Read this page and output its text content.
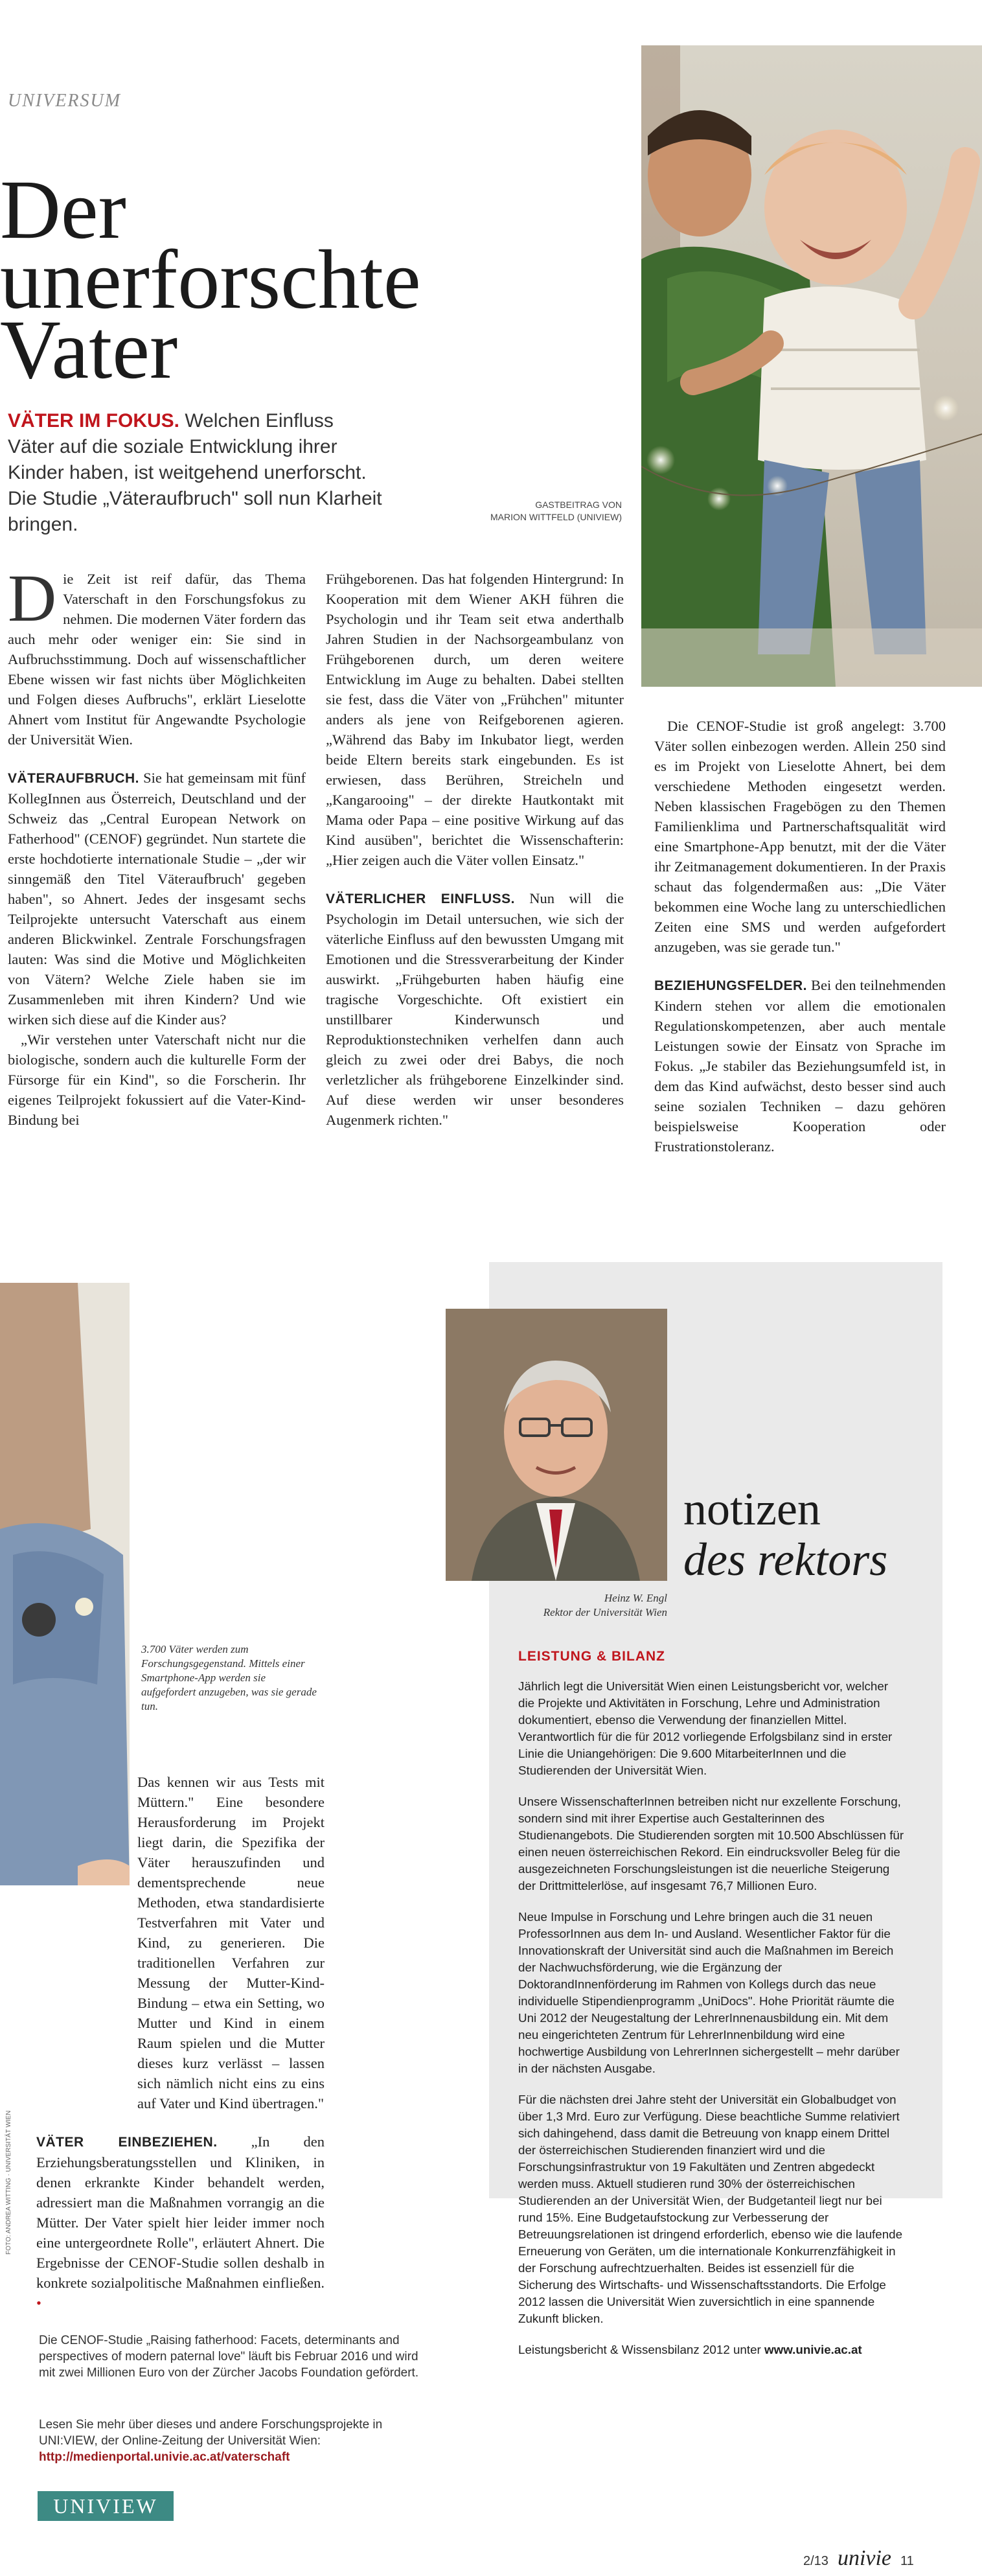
UNIVERSUM
Der
unerforschte
Vater
VÄTER IM FOKUS. Welchen Einfluss Väter auf die soziale Entwicklung ihrer Kinder haben, ist weitgehend unerforscht. Die Studie „Väteraufbruch" soll nun Klarheit bringen.
GASTBEITRAG VON
MARION WITTFELD (UNIVIEW)

Die Zeit ist reif dafür, das Thema Vaterschaft in den Forschungsfokus zu nehmen. Die modernen Väter fordern das auch mehr oder weniger ein: Sie sind in Aufbruchsstimmung. Doch auf wissenschaftlicher Ebene wissen wir fast nichts über Möglichkeiten und Folgen dieses Aufbruchs", erklärt Lieselotte Ahnert vom Institut für Angewandte Psychologie der Universität Wien.

VÄTERAUFBRUCH. Sie hat gemeinsam mit fünf KollegInnen aus Österreich, Deutschland und der Schweiz das „Central European Network on Fatherhood" (CENOF) gegründet. Nun startete die erste hochdotierte internationale Studie – „der wir sinngemäß den Titel Väteraufbruch' gegeben haben", so Ahnert. Jedes der insgesamt sechs Teilprojekte untersucht Vaterschaft aus einem anderen Blickwinkel. Zentrale Forschungsfragen lauten: Was sind die Motive und Möglichkeiten von Vätern? Welche Ziele haben sie im Zusammenleben mit ihren Kindern? Und wie wirken sich diese auf die Kinder aus?

„Wir verstehen unter Vaterschaft nicht nur die biologische, sondern auch die kulturelle Form der Fürsorge für ein Kind", so die Forscherin. Ihr eigenes Teilprojekt fokussiert auf die Vater-Kind-Bindung bei

Frühgeborenen. Das hat folgenden Hintergrund: In Kooperation mit dem Wiener AKH führen die Psychologin und ihr Team seit etwa anderthalb Jahren Studien in der Nachsorgeambulanz von Frühgeborenen durch, um deren weitere Entwicklung im Auge zu behalten. Dabei stellten sie fest, dass die Väter von „Frühchen" mitunter anders als jene von Reifgeborenen agieren. „Während das Baby im Inkubator liegt, werden beide Eltern bereits stark eingebunden. Es ist erwiesen, dass Berühren, Streicheln und „Kangarooing" – der direkte Hautkontakt mit Mama oder Papa – eine positive Wirkung auf das Kind ausüben", berichtet die Wissenschafterin: „Hier zeigen auch die Väter vollen Einsatz."

VÄTERLICHER EINFLUSS. Nun will die Psychologin im Detail untersuchen, wie sich der väterliche Einfluss auf den bewussten Umgang mit Emotionen und die Stressverarbeitung der Kinder auswirkt. „Frühgeburten haben häufig eine tragische Vorgeschichte. Oft existiert ein unstillbarer Kinderwunsch und Reproduktionstechniken verhelfen dann auch gleich zu zwei oder drei Babys, die noch verletzlicher als frühgeborene Einzelkinder sind. Auf diese werden wir unser besonderes Augenmerk richten."

Die CENOF-Studie ist groß angelegt: 3.700 Väter sollen einbezogen werden. Allein 250 sind es im Projekt von Lieselotte Ahnert, bei dem verschiedene Methoden eingesetzt werden. Neben klassischen Fragebögen zu den Themen Familienklima und Partnerschaftsqualität wird eine Smartphone-App benutzt, mit der die Väter ihr Zeitmanagement dokumentieren. In der Praxis schaut das folgendermaßen aus: „Die Väter bekommen eine Woche lang zu unterschiedlichen Zeiten eine SMS und werden aufgefordert anzugeben, was sie gerade tun."

BEZIEHUNGSFELDER. Bei den teilnehmenden Kindern stehen vor allem die emotionalen Regulationskompetenzen, aber auch mentale Leistungen sowie der Einsatz von Sprache im Fokus. „Je stabiler das Beziehungsumfeld ist, in dem das Kind aufwächst, desto besser sind auch seine sozialen Techniken – dazu gehören beispielsweise Kooperation oder Frustrationstoleranz.

3.700 Väter werden zum Forschungsgegenstand. Mittels einer Smartphone-App werden sie aufgefordert anzugeben, was sie gerade tun.

Das kennen wir aus Tests mit Müttern." Eine besondere Herausforderung im Projekt liegt darin, die Spezifika der Väter herauszufinden und dementsprechende neue Methoden, etwa standardisierte Testverfahren mit Vater und Kind, zu generieren. Die traditionellen Verfahren zur Messung der Mutter-Kind-Bindung – etwa ein Setting, wo Mutter und Kind in einem Raum spielen und die Mutter dieses kurz verlässt – lassen sich nämlich nicht eins zu eins auf Vater und Kind übertragen."

VÄTER EINBEZIEHEN. „In den Erziehungsberatungsstellen und Kliniken, in denen erkrankte Kinder behandelt werden, adressiert man die Maßnahmen vorrangig an die Mütter. Der Vater spielt hier leider immer noch eine untergeordnete Rolle", erläutert Ahnert. Die Ergebnisse der CENOF-Studie sollen deshalb in konkrete sozialpolitische Maßnahmen einfließen. •

FOTO: ANDREA WITTING · UNIVERSITÄT WIEN
Die CENOF-Studie „Raising fatherhood: Facets, determinants and perspectives of modern paternal love" läuft bis Februar 2016 und wird mit zwei Millionen Euro von der Zürcher Jacobs Foundation gefördert.
Lesen Sie mehr über dieses und andere Forschungsprojekte in UNI:VIEW, der Online-Zeitung der Universität Wien:
http://medienportal.univie.ac.at/vaterschaft
UNIVIEW
notizen
des rektors
Heinz W. Engl
Rektor der Universität Wien
LEISTUNG & BILANZ

Jährlich legt die Universität Wien einen Leistungsbericht vor, welcher die Projekte und Aktivitäten in Forschung, Lehre und Administration dokumentiert, ebenso die Verwendung der finanziellen Mittel. Verantwortlich für die für 2012 vorliegende Erfolgsbilanz sind in erster Linie die Uniangehörigen: Die 9.600 MitarbeiterInnen und die Studierenden der Universität Wien.

Unsere WissenschafterInnen betreiben nicht nur exzellente Forschung, sondern sind mit ihrer Expertise auch Gestalterinnen des Studienangebots. Die Studierenden sorgten mit 10.500 Abschlüssen für einen neuen österreichischen Rekord. Ein eindrucksvoller Beleg für die ausgezeichneten Forschungsleistungen ist die neuerliche Steigerung der Drittmittelerlöse, auf insgesamt 76,7 Millionen Euro.

Neue Impulse in Forschung und Lehre bringen auch die 31 neuen ProfessorInnen aus dem In- und Ausland. Wesentlicher Faktor für die Innovationskraft der Universität sind auch die Maßnahmen im Bereich der Nachwuchsförderung, wie die Ergänzung der DoktorandInnenförderung im Rahmen von Kollegs durch das neue individuelle Stipendienprogramm „UniDocs". Hohe Priorität räumte die Uni 2012 der Neugestaltung der LehrerInnenausbildung ein. Mit dem neu eingerichteten Zentrum für LehrerInnenbildung wird eine hochwertige Ausbildung von LehrerInnen sichergestellt – mehr darüber in der nächsten Ausgabe.

Für die nächsten drei Jahre steht der Universität ein Globalbudget von über 1,3 Mrd. Euro zur Verfügung. Diese beachtliche Summe relativiert sich dahingehend, dass damit die Betreuung von knapp einem Drittel der österreichischen Studierenden finanziert wird und die Forschungsinfrastruktur von 19 Fakultäten und Zentren abgedeckt werden muss. Aktuell studieren rund 30% der österreichischen Studierenden an der Universität Wien, der Budgetanteil liegt nur bei rund 15%. Eine Budgetaufstockung zur Verbesserung der Betreuungsrelationen ist dringend erforderlich, ebenso wie die laufende Erneuerung von Geräten, um die internationale Konkurrenzfähigkeit in der Forschung aufrechtzuerhalten. Beides ist essenziell für die Sicherung des Wirtschafts- und Wissenschaftsstandorts. Die Erfolge 2012 lassen die Universität Wien zuversichtlich in eine spannende Zukunft blicken.

Leistungsbericht & Wissensbilanz 2012 unter www.univie.ac.at

2/13 univie 11
